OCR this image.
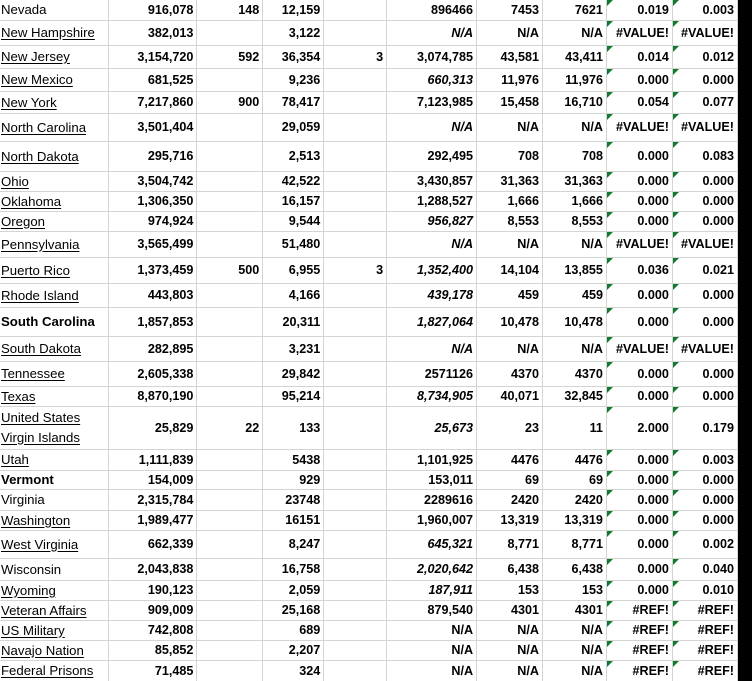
Nevada	916,078	148	12,159		896466	7453	7621	0.019	0.003
New Hampshire	382,013		3,122		N/A	N/A	N/A	#VALUE!	#VALUE!
New Jersey	3,154,720	592	36,354	3	3,074,785	43,581	43,411	0.014	0.012
New Mexico	681,525		9,236		660,313	11,976	11,976	0.000	0.000
New York	7,217,860	900	78,417		7,123,985	15,458	16,710	0.054	0.077
North Carolina	3,501,404		29,059		N/A	N/A	N/A	#VALUE!	#VALUE!
North Dakota	295,716		2,513		292,495	708	708	0.000	0.083
Ohio	3,504,742		42,522		3,430,857	31,363	31,363	0.000	0.000
Oklahoma	1,306,350		16,157		1,288,527	1,666	1,666	0.000	0.000
Oregon	974,924		9,544		956,827	8,553	8,553	0.000	0.000
Pennsylvania	3,565,499		51,480		N/A	N/A	N/A	#VALUE!	#VALUE!
Puerto Rico	1,373,459	500	6,955	3	1,352,400	14,104	13,855	0.036	0.021
Rhode Island	443,803		4,166		439,178	459	459	0.000	0.000
South Carolina	1,857,853		20,311		1,827,064	10,478	10,478	0.000	0.000
South Dakota	282,895		3,231		N/A	N/A	N/A	#VALUE!	#VALUE!
Tennessee	2,605,338		29,842		2571126	4370	4370	0.000	0.000
Texas	8,870,190		95,214		8,734,905	40,071	32,845	0.000	0.000
United States Virgin Islands	25,829	22	133		25,673	23	11	2.000	0.179
Utah	1,111,839		5438		1,101,925	4476	4476	0.000	0.003
Vermont	154,009		929		153,011	69	69	0.000	0.000
Virginia	2,315,784		23748		2289616	2420	2420	0.000	0.000
Washington	1,989,477		16151		1,960,007	13,319	13,319	0.000	0.000
West Virginia	662,339		8,247		645,321	8,771	8,771	0.000	0.002
Wisconsin	2,043,838		16,758		2,020,642	6,438	6,438	0.000	0.040
Wyoming	190,123		2,059		187,911	153	153	0.000	0.010
Veteran Affairs	909,009		25,168		879,540	4301	4301	#REF!	#REF!
US Military	742,808		689		N/A	N/A	N/A	#REF!	#REF!
Navajo Nation	85,852		2,207		N/A	N/A	N/A	#REF!	#REF!
Federal Prisons	71,485		324		N/A	N/A	N/A	#REF!	#REF!
